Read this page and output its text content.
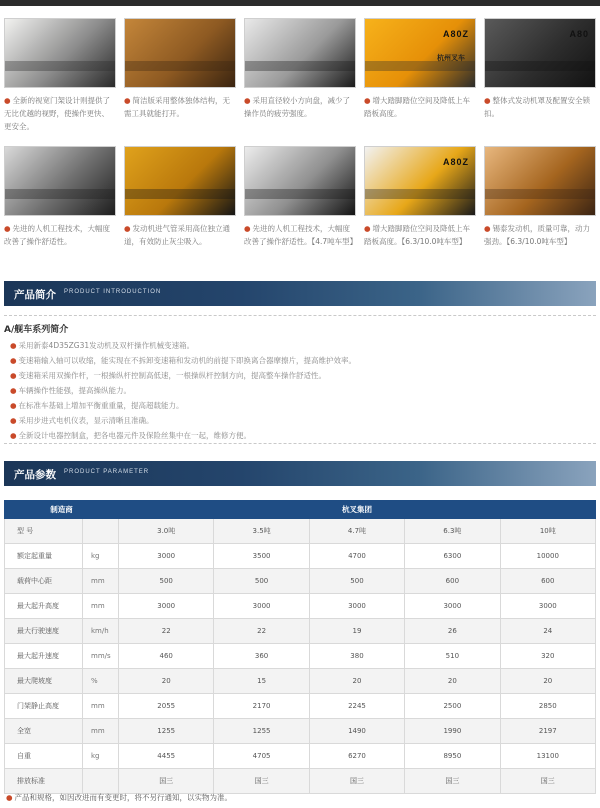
● 全新的视宽门架设计则提供了无比优越的视野，使操作更快、更安全。
● 简洁版采用整体独体结构，无需工具就能打开。
● 采用直径较小方向盘，减少了操作员的疲劳强度。
A80Z
杭州叉车
● 增大踏脚踏位空间及降低上车踏板高度。
A80
● 整体式发动机罩及配置安全锁扣。
● 先进的人机工程技术，大幅度改善了操作舒适性。
● 发动机进气管采用高位独立通道，有效防止灰尘吸入。
● 先进的人机工程技术，大幅度改善了操作舒适性。【4.7吨车型】
A80Z
● 增大踏脚踏位空间及降低上车踏板高度。【6.3/10.0吨车型】
● 锡泰发动机，质量可靠，动力强劲。【6.3/10.0吨车型】
产品简介 PRODUCT INTRODUCTION
A/舰车系列简介
● 采用新泰4D35ZG31发动机及双杆操作机械变速箱。
● 变速箱输入轴可以收缩，能实现在不拆卸变速箱和发动机的前提下即换离合器摩擦片，提高维护效率。
● 变速箱采用双操作杆，一根操纵杆控制高低速，一根操纵杆控制方向，提高整车操作舒适性。
● 车辆操作性能强，提高操纵能力。
● 在标准车基础上增加平衡重重量，提高超载能力。
● 采用步进式电机仪表，显示清晰且准确。
● 全新设计电器控制盒，把各电器元件及保险丝集中在一起，维修方便。
产品参数 PRODUCT PARAMETER
制造商		杭叉集团				
型 号		3.0吨	3.5吨	4.7吨	6.3吨	10吨
额定起重量	kg	3000	3500	4700	6300	10000
载荷中心距	mm	500	500	500	600	600
最大起升高度	mm	3000	3000	3000	3000	3000
最大行驶速度	km/h	22	22	19	26	24
最大起升速度	mm/s	460	360	380	510	320
最大爬坡度	%	20	15	20	20	20
门架静止高度	mm	2055	2170	2245	2500	2850
全宽	mm	1255	1255	1490	1990	2197
自重	kg	4455	4705	6270	8950	13100
排放标准		国三	国三	国三	国三	国三
● 产品和规格，如因改进而有变更时，将不另行通知，以实物为准。
